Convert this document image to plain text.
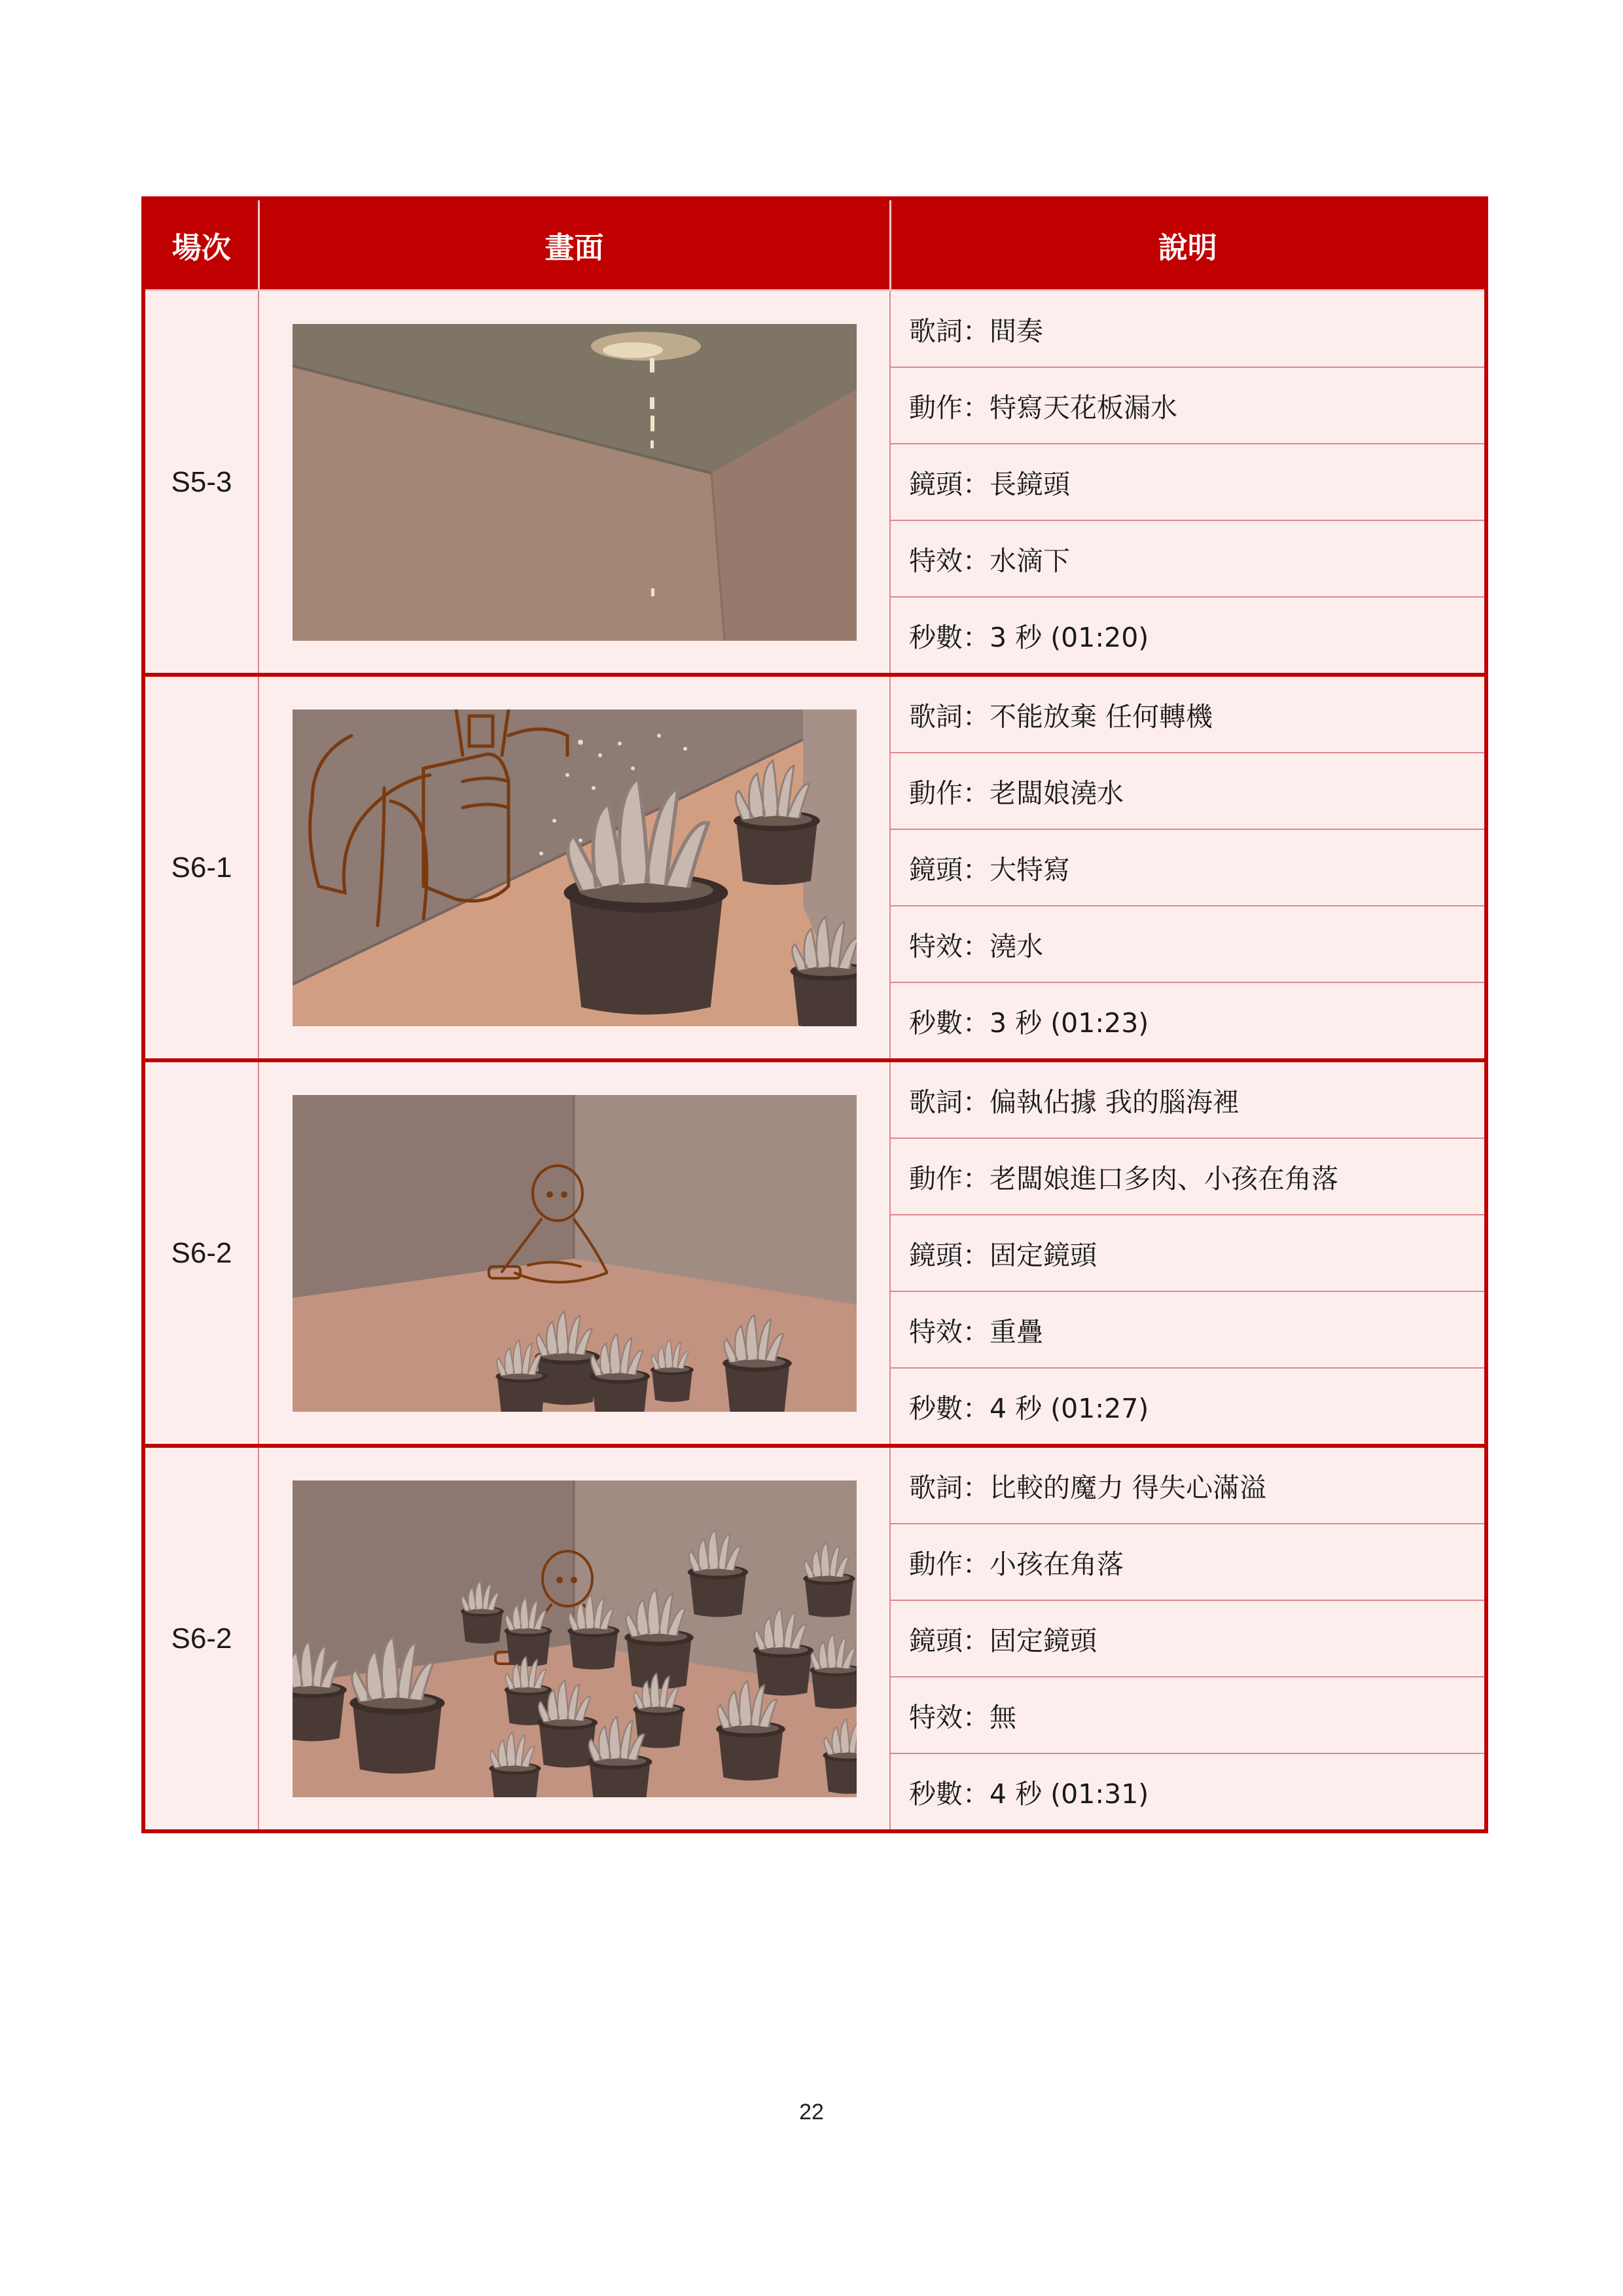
場次	畫面	說明
S5-3		歌詞：間奏
		動作：特寫天花板漏水
		鏡頭：長鏡頭
		特效：水滴下
		秒數：3 秒 (01:20)
S6-1		歌詞：不能放棄 任何轉機
		動作：老闆娘澆水
		鏡頭：大特寫
		特效：澆水
		秒數：3 秒 (01:23)
S6-2		歌詞：偏執佔據 我的腦海裡
		動作：老闆娘進口多肉、小孩在角落
		鏡頭：固定鏡頭
		特效：重疊
		秒數：4 秒 (01:27)
S6-2		歌詞：比較的魔力 得失心滿溢
		動作：小孩在角落
		鏡頭：固定鏡頭
		特效：無
		秒數：4 秒 (01:31)
22
